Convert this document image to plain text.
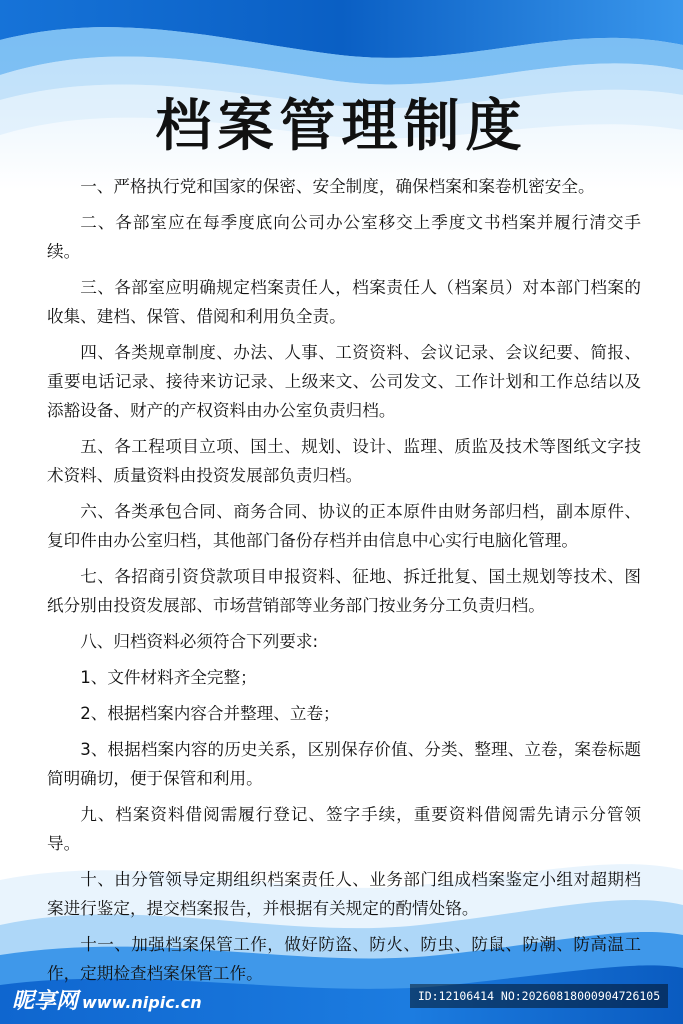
档案管理制度

一、严格执行党和国家的保密、安全制度，确保档案和案卷机密安全。

二、各部室应在每季度底向公司办公室移交上季度文书档案并履行清交手续。

三、各部室应明确规定档案责任人，档案责任人（档案员）对本部门档案的收集、建档、保管、借阅和利用负全责。

四、各类规章制度、办法、人事、工资资料、会议记录、会议纪要、简报、重要电话记录、接待来访记录、上级来文、公司发文、工作计划和工作总结以及添豁设备、财产的产权资料由办公室负责归档。

五、各工程项目立项、国土、规划、设计、监理、质监及技术等图纸文字技术资料、质量资料由投资发展部负责归档。

六、各类承包合同、商务合同、协议的正本原件由财务部归档，副本原件、复印件由办公室归档，其他部门备份存档并由信息中心实行电脑化管理。

七、各招商引资贷款项目申报资料、征地、拆迁批复、国土规划等技术、图纸分别由投资发展部、市场营销部等业务部门按业务分工负责归档。

八、归档资料必须符合下列要求:

1、文件材料齐全完整；

2、根据档案内容合并整理、立卷；

3、根据档案内容的历史关系，区别保存价值、分类、整理、立卷，案卷标题简明确切，便于保管和利用。

九、档案资料借阅需履行登记、签字手续，重要资料借阅需先请示分管领导。

十、由分管领导定期组织档案责任人、业务部门组成档案鉴定小组对超期档案进行鉴定，提交档案报告，并根据有关规定的酌情处铬。

十一、加强档案保管工作，做好防盗、防火、防虫、防鼠、防潮、防高温工作，定期检查档案保管工作。

昵享网 www.nipic.cn	ID:12106414 NO:20260818000904726105
